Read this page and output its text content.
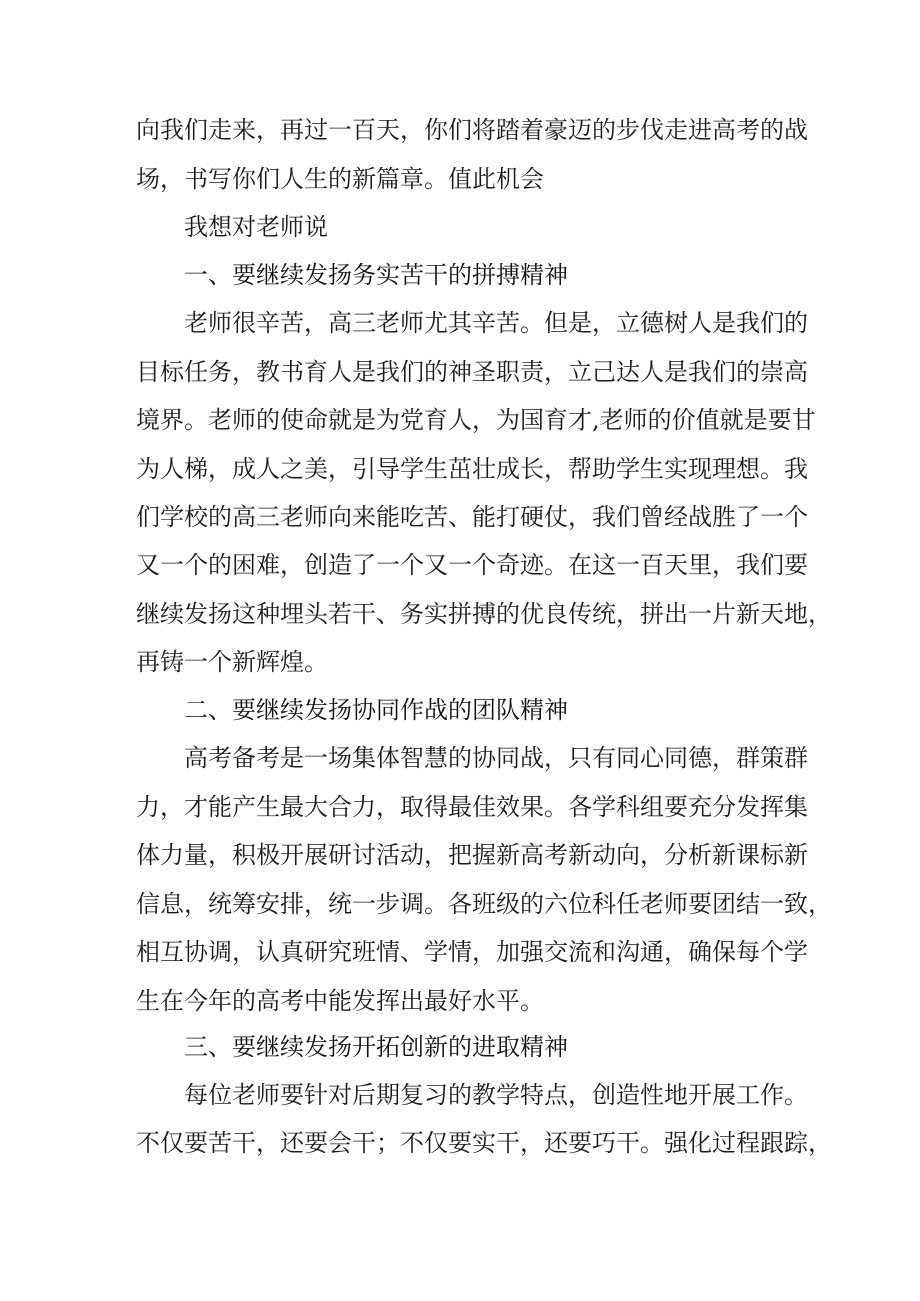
向我们走来，再过一百天，你们将踏着豪迈的步伐走进高考的战

场，书写你们人生的新篇章。值此机会

我想对老师说

一、要继续发扬务实苦干的拼搏精神

老师很辛苦，高三老师尤其辛苦。但是，立德树人是我们的

目标任务，教书育人是我们的神圣职责，立己达人是我们的崇高

境界。老师的使命就是为党育人，为国育才,老师的价值就是要甘

为人梯，成人之美，引导学生茁壮成长，帮助学生实现理想。我

们学校的高三老师向来能吃苦、能打硬仗，我们曾经战胜了一个

又一个的困难，创造了一个又一个奇迹。在这一百天里，我们要

继续发扬这种埋头若干、务实拼搏的优良传统，拼出一片新天地，

再铸一个新辉煌。

二、要继续发扬协同作战的团队精神

高考备考是一场集体智慧的协同战，只有同心同德，群策群

力，才能产生最大合力，取得最佳效果。各学科组要充分发挥集

体力量，积极开展研讨活动，把握新高考新动向，分析新课标新

信息，统筹安排，统一步调。各班级的六位科任老师要团结一致，

相互协调，认真研究班情、学情，加强交流和沟通，确保每个学

生在今年的高考中能发挥出最好水平。

三、要继续发扬开拓创新的进取精神

每位老师要针对后期复习的教学特点，创造性地开展工作。

不仅要苦干，还要会干；不仅要实干，还要巧干。强化过程跟踪，
